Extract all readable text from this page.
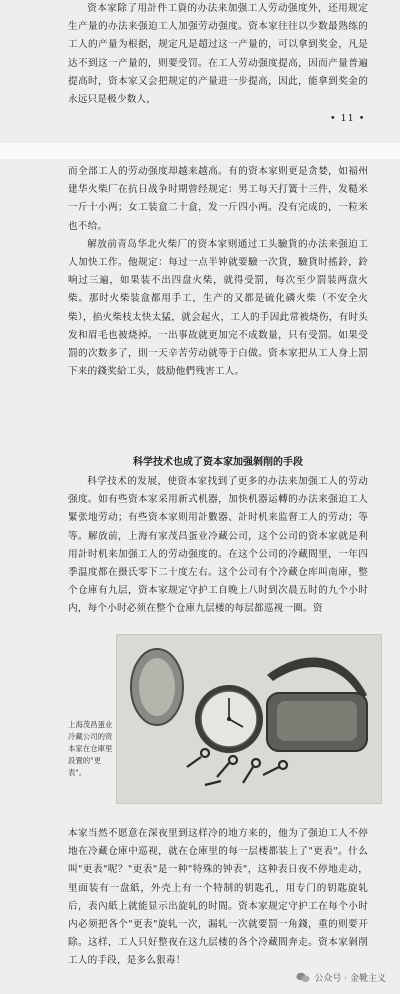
资本家除了用計件工資的办法来加强工人劳动强度外，还用规定生产量的办法来强迫工人加强劳动强度。资本家往往以少数最熟练的工人的产量为根据，规定凡是超过这一产量的，可以拿到奖金，凡是达不到这一产量的，则要受罚。在工人劳动强度提高，因而产量普遍提高时，资本家又会把规定的产量进一步提高，因此，能拿到奖金的永远只是极少数人，

• 11 •

而全部工人的劳动强度却越来越高。有的资本家则更是贪婪，如福州建华火柴厂在抗日战争时期曾经规定：男工每天打簧十三件，发糙米一斤十小两；女工装盒二十盒，发一斤四小两。没有完成的，一粒米也不给。

解放前青岛华北火柴厂的资本家则通过工头驗貨的办法来强迫工人加快工作。他规定：每过一点半钟就要驗一次貨，驗貨时搖鈴，鈴响过三遍，如果装不出四盘火柴，就得受罰，每次至少罰装两盘火柴。那时火柴装盒都用手工，生产的又都是硫化磷火柴（不安全火柴），掐火柴枝太快太猛，就会起火，工人的手因此常被烧伤，有时头发和眉毛也被烧掉。一出事故就更加完不成数量，只有受罰。如果受罰的次数多了，則一天辛苦劳动就等于白做。资本家把从工人身上罰下来的錢奖給工头，鼓励他們残害工人。

科学技术也成了资本家加强剝削的手段

科学技术的发展，使资本家找到了更多的办法来加强工人的劳动强度。如有些资本家采用新式机器，加快机器运轉的办法来强迫工人緊张地劳动；有些资本家则用計數器、計时机来监督工人的劳动；等等。解放前，上海有家茂昌蛋业冷藏公司，这个公司的资本家就是利用計时机来加强工人的劳动强度的。在这个公司的冷藏間里，一年四季温度都在摄氏零下二十度左右。这个公司有个冷藏仓库叫南庫，整个仓庫有九层，资本家规定守护工自晚上八时到次晨五时的九个小时内，每个小时必须在整个仓庫九层楼的每层都巡视一圈。资

上海茂昌蛋业冷藏公司的资本家在仓庫里設置的"更表"。

本家当然不愿意在深夜里到这样冷的地方来的，他为了强迫工人不停地在冷藏仓庫中巡视，就在仓庫里的每一层楼都装上了"更表"。什么叫"更表"呢？"更表"是一种"特殊的钟表"，这种表日夜不停地走动，里面装有一盘紙，外壳上有一个特制的钥匙孔，用专门的钥匙旋轧后，表內紙上就能显示出旋轧的时間。资本家规定守护工在每个小时内必须把各个"更表"旋轧一次，漏轧一次就要罰一角錢，重的则要开除。这样，工人只好整夜在这九层楼的各个冷藏間奔走。资本家剝削工人的手段，是多么狠毒！

公众号 · 金靴主义
